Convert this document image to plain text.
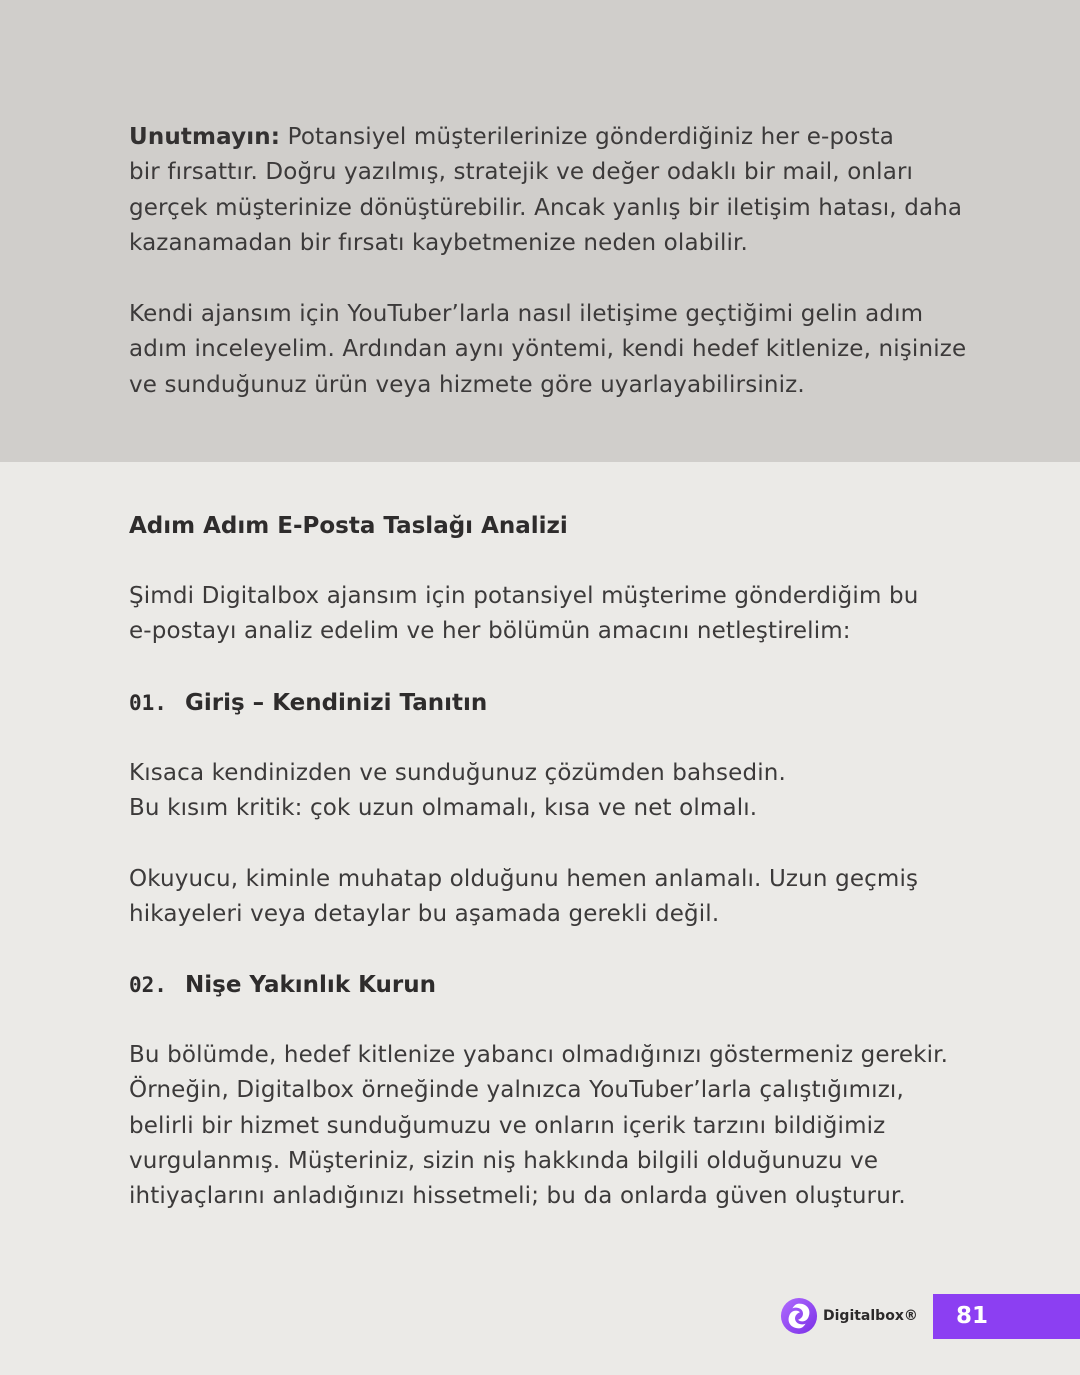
Unutmayın: Potansiyel müşterilerinize gönderdiğiniz her e-posta
bir fırsattır. Doğru yazılmış, stratejik ve değer odaklı bir mail, onları
gerçek müşterinize dönüştürebilir. Ancak yanlış bir iletişim hatası, daha
kazanamadan bir fırsatı kaybetmenize neden olabilir.

Kendi ajansım için YouTuber’larla nasıl iletişime geçtiğimi gelin adım
adım inceleyelim. Ardından aynı yöntemi, kendi hedef kitlenize, nişinize
ve sunduğunuz ürün veya hizmete göre uyarlayabilirsiniz.

Adım Adım E-Posta Taslağı Analizi

Şimdi Digitalbox ajansım için potansiyel müşterime gönderdiğim bu
e-postayı analiz edelim ve her bölümün amacını netleştirelim:

01. Giriş – Kendinizi Tanıtın

Kısaca kendinizden ve sunduğunuz çözümden bahsedin.
Bu kısım kritik: çok uzun olmamalı, kısa ve net olmalı.

Okuyucu, kiminle muhatap olduğunu hemen anlamalı. Uzun geçmiş
hikayeleri veya detaylar bu aşamada gerekli değil.

02. Nişe Yakınlık Kurun

Bu bölümde, hedef kitlenize yabancı olmadığınızı göstermeniz gerekir.
Örneğin, Digitalbox örneğinde yalnızca YouTuber’larla çalıştığımızı,
belirli bir hizmet sunduğumuzu ve onların içerik tarzını bildiğimiz
vurgulanmış. Müşteriniz, sizin niş hakkında bilgili olduğunuzu ve
ihtiyaçlarını anladığınızı hissetmeli; bu da onlarda güven oluşturur.

Digitalbox®	81
